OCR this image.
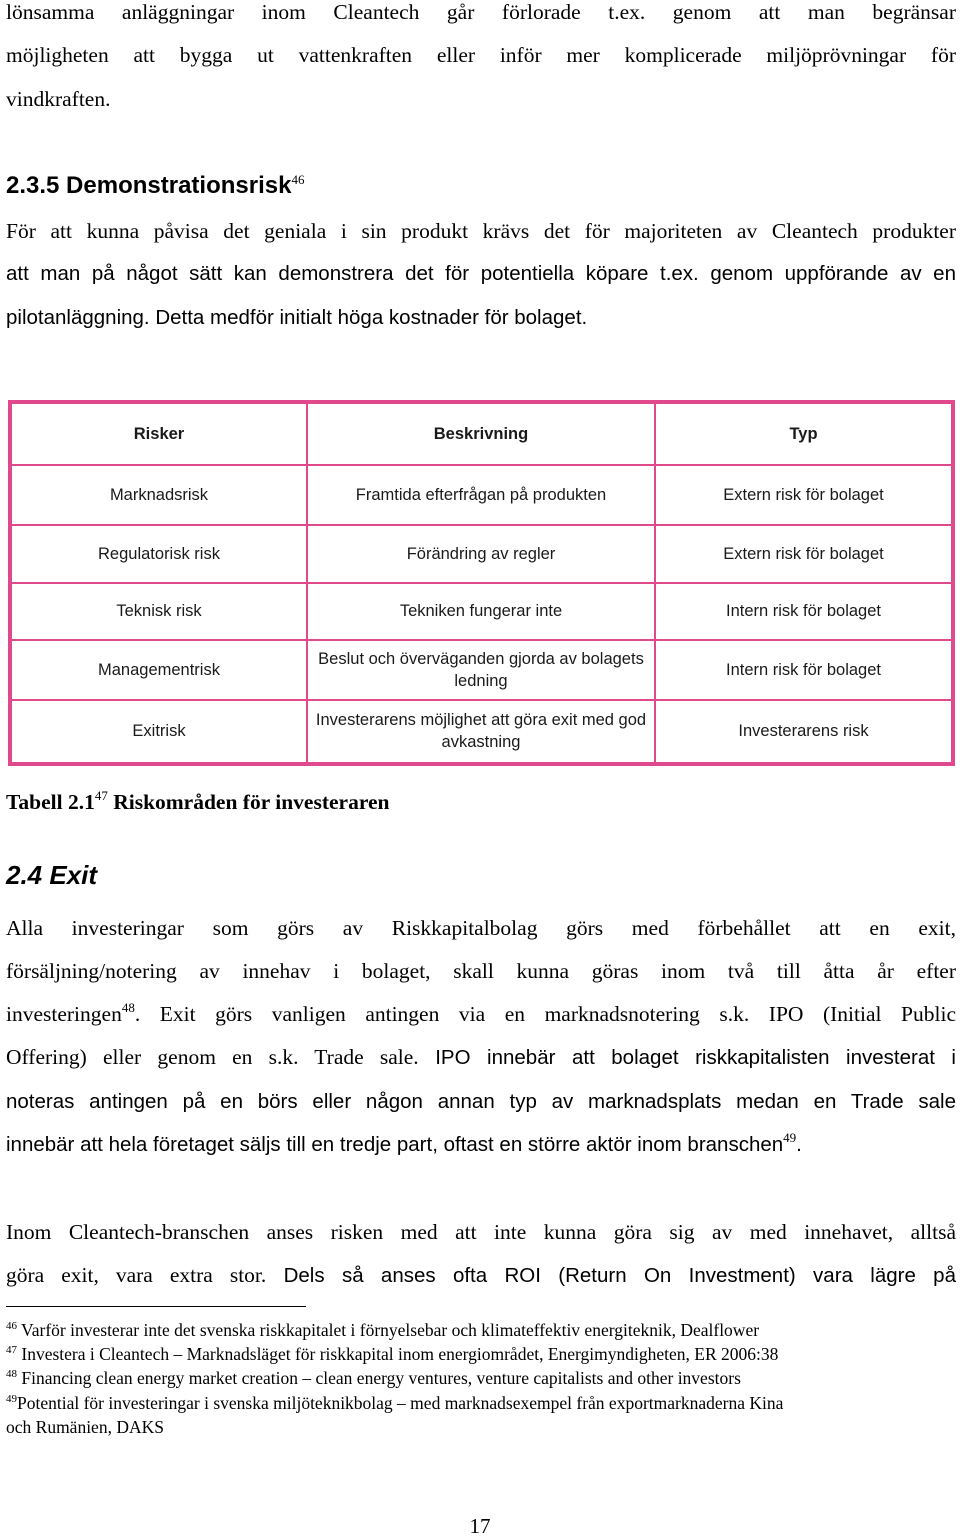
lönsamma anläggningar inom Cleantech går förlorade t.ex. genom att man begränsar
möjligheten att bygga ut vattenkraften eller inför mer komplicerade miljöprövningar för
vindkraften.
2.3.5 Demonstrationsrisk$^{46}$
För att kunna påvisa det geniala i sin produkt krävs det för majoriteten av Cleantech produkter
att man på något sätt kan demonstrera det för potentiella köpare t.ex. genom uppförande av en
pilotanläggning. Detta medför initialt höga kostnader för bolaget.
Risker	Beskrivning	Typ
Marknadsrisk	Framtida efterfrågan på produkten	Extern risk för bolaget
Regulatorisk risk	Förändring av regler	Extern risk för bolaget
Teknisk risk	Tekniken fungerar inte	Intern risk för bolaget
Managementrisk	Beslut och överväganden gjorda av bolagets ledning	Intern risk för bolaget
Exitrisk	Investerarens möjlighet att göra exit med god avkastning	Investerarens risk
Tabell $2.1^{47}$ Riskområden för investeraren
2.4 Exit
Alla investeringar som görs av Riskkapitalbolag görs med förbehållet att en exit,
försäljning/notering av innehav i bolaget, skall kunna göras inom två till åtta år efter
investeringen$^{48}$. Exit görs vanligen antingen via en marknadsnotering s.k. IPO (Initial Public
Offering) eller genom en s.k. Trade sale. IPO innebär att bolaget riskkapitalisten investerat i
noteras antingen på en börs eller någon annan typ av marknadsplats medan en Trade sale
innebär att hela företaget säljs till en tredje part, oftast en större aktör inom branschen$^{49}$.
Inom Cleantech-branschen anses risken med att inte kunna göra sig av med innehavet, alltså
göra exit, vara extra stor. Dels så anses ofta ROI (Return On Investment) vara lägre på
$^{46}$ Varför investerar inte det svenska riskkapitalet i förnyelsebar och klimateffektiv energiteknik, Dealflower
$^{47}$ Investera i Cleantech – Marknadsläget för riskkapital inom energiområdet, Energimyndigheten, ER 2006:38
$^{48}$ Financing clean energy market creation – clean energy ventures, venture capitalists and other investors
$^{49}$Potential för investeringar i svenska miljöteknikbolag – med marknadsexempel från exportmarknaderna Kina
och Rumänien, DAKS
17
